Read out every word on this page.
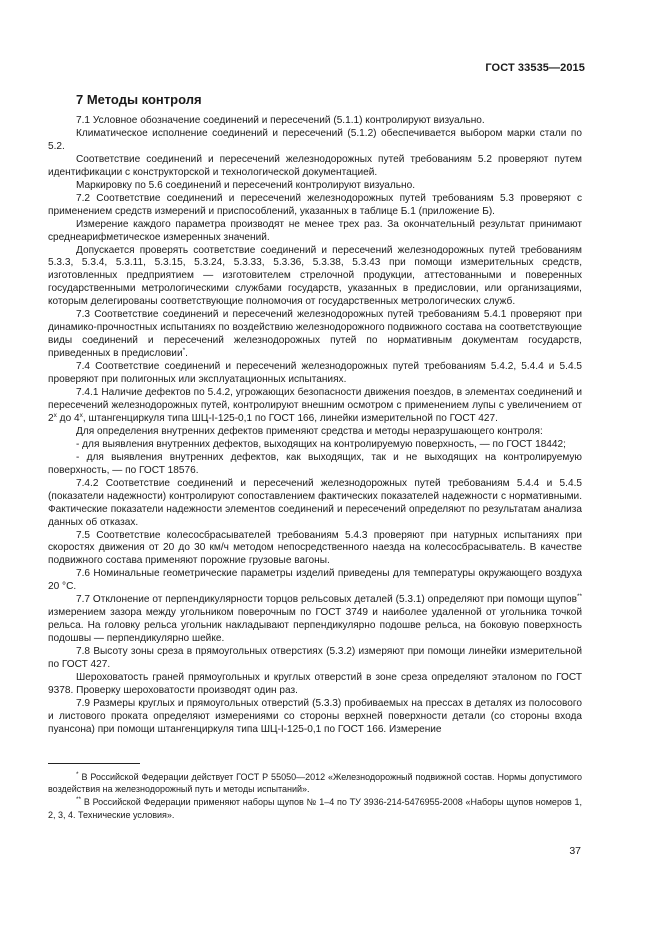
ГОСТ 33535—2015
7 Методы контроля

7.1 Условное обозначение соединений и пересечений (5.1.1) контролируют визуально.

Климатическое исполнение соединений и пересечений (5.1.2) обеспечивается выбором марки стали по 5.2.

Соответствие соединений и пересечений железнодорожных путей требованиям 5.2 проверяют путем идентификации с конструкторской и технологической документацией.

Маркировку по 5.6 соединений и пересечений контролируют визуально.

7.2 Соответствие соединений и пересечений железнодорожных путей требованиям 5.3 проверяют с применением средств измерений и приспособлений, указанных в таблице Б.1 (приложение Б).

Измерение каждого параметра производят не менее трех раз. За окончательный результат принимают среднеарифметическое измеренных значений.

Допускается проверять соответствие соединений и пересечений железнодорожных путей требованиям 5.3.3, 5.3.4, 5.3.11, 5.3.15, 5.3.24, 5.3.33, 5.3.36, 5.3.38, 5.3.43 при помощи измерительных средств, изготовленных предприятием — изготовителем стрелочной продукции, аттестованными и поверенных государственными метрологическими службами государств, указанных в предисловии, или организациями, которым делегированы соответствующие полномочия от государственных метрологических служб.

7.3 Соответствие соединений и пересечений железнодорожных путей требованиям 5.4.1 проверяют при динамико-прочностных испытаниях по воздействию железнодорожного подвижного состава на соответствующие виды соединений и пересечений железнодорожных путей по нормативным документам государств, приведенных в предисловии*.

7.4 Соответствие соединений и пересечений железнодорожных путей требованиям 5.4.2, 5.4.4 и 5.4.5 проверяют при полигонных или эксплуатационных испытаниях.

7.4.1 Наличие дефектов по 5.4.2, угрожающих безопасности движения поездов, в элементах соединений и пересечений железнодорожных путей, контролируют внешним осмотром с применением лупы с увеличением от $2^х$ до $4^х$, штангенциркуля типа ШЦ-I-125-0,1 по ГОСТ 166, линейки измерительной по ГОСТ 427.

Для определения внутренних дефектов применяют средства и методы неразрушающего контроля:

- для выявления внутренних дефектов, выходящих на контролируемую поверхность, — по ГОСТ 18442;

- для выявления внутренних дефектов, как выходящих, так и не выходящих на контролируемую поверхность, — по ГОСТ 18576.

7.4.2 Соответствие соединений и пересечений железнодорожных путей требованиям 5.4.4 и 5.4.5 (показатели надежности) контролируют сопоставлением фактических показателей надежности с нормативными. Фактические показатели надежности элементов соединений и пересечений определяют по результатам анализа данных об отказах.

7.5 Соответствие колесосбрасывателей требованиям 5.4.3 проверяют при натурных испытаниях при скоростях движения от 20 до 30 км/ч методом непосредственного наезда на колесосбрасыватель. В качестве подвижного состава применяют порожние грузовые вагоны.

7.6 Номинальные геометрические параметры изделий приведены для температуры окружающего воздуха 20 °С.

7.7 Отклонение от перпендикулярности торцов рельсовых деталей (5.3.1) определяют при помощи щупов** измерением зазора между угольником поверочным по ГОСТ 3749 и наиболее удаленной от угольника точкой рельса. На головку рельса угольник накладывают перпендикулярно подошве рельса, на боковую поверхность подошвы — перпендикулярно шейке.

7.8 Высоту зоны среза в прямоугольных отверстиях (5.3.2) измеряют при помощи линейки измерительной по ГОСТ 427.

Шероховатость граней прямоугольных и круглых отверстий в зоне среза определяют эталоном по ГОСТ 9378. Проверку шероховатости производят один раз.

7.9 Размеры круглых и прямоугольных отверстий (5.3.3) пробиваемых на прессах в деталях из полосового и листового проката определяют измерениями со стороны верхней поверхности детали (со стороны входа пуансона) при помощи штангенциркуля типа ШЦ-I-125-0,1 по ГОСТ 166. Измерение

* В Российской Федерации действует ГОСТ Р 55050—2012 «Железнодорожный подвижной состав. Нормы допустимого воздействия на железнодорожный путь и методы испытаний».

** В Российской Федерации применяют наборы щупов № 1–4 по ТУ 3936-214-5476955-2008 «Наборы щупов номеров 1, 2, 3, 4. Технические условия».

37
